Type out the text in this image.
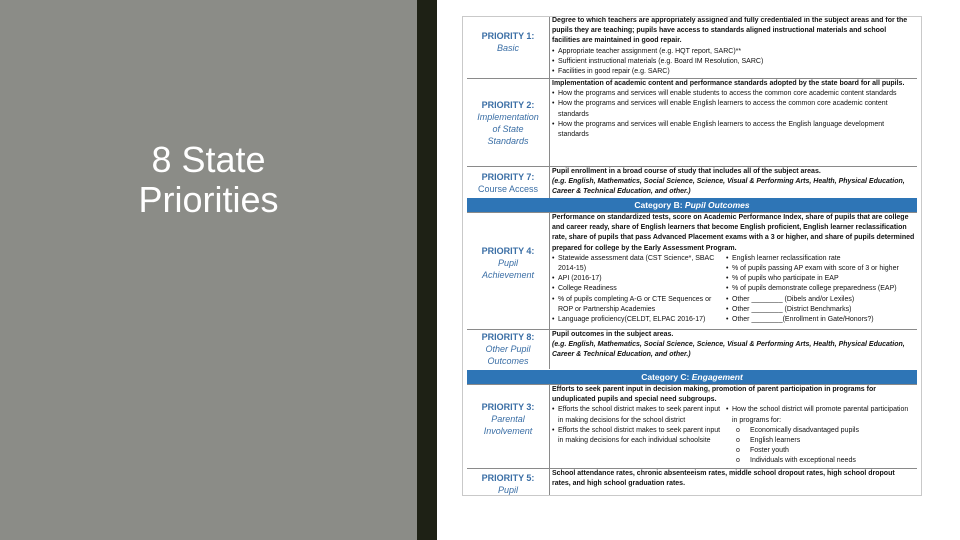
8 State
Priorities
PRIORITY 1:
Basic
Degree to which teachers are appropriately assigned and fully credentialed in the subject areas and for the pupils they are teaching; pupils have access to standards aligned instructional materials and school facilities are maintained in good repair.
• Appropriate teacher assignment (e.g. HQT report, SARC)**
• Sufficient instructional materials (e.g. Board IM Resolution, SARC)
• Facilities in good repair (e.g. SARC)
PRIORITY 2:
Implementation of State Standards
Implementation of academic content and performance standards adopted by the state board for all pupils.
• How the programs and services will enable students to access the common core academic content standards
• How the programs and services will enable English learners to access the common core academic content standards
• How the programs and services will enable English learners to access the English language development standards
PRIORITY 7:
Course Access
Pupil enrollment in a broad course of study that includes all of the subject areas.
(e.g. English, Mathematics, Social Science, Science, Visual & Performing Arts, Health, Physical Education, Career & Technical Education, and other.)
Category B: Pupil Outcomes
PRIORITY 4:
Pupil Achievement
Performance on standardized tests, score on Academic Performance Index, share of pupils that are college and career ready, share of English learners that become English proficient, English learner reclassification rate, share of pupils that pass Advanced Placement exams with a 3 or higher, and share of pupils determined prepared for college by the Early Assessment Program.
• Statewide assessment data (CST Science*, SBAC 2014-15)
• API (2016-17)
• College Readiness
• % of pupils completing A-G or CTE Sequences or ROP or Partnership Academies
• Language proficiency(CELDT, ELPAC 2016-17)
• English learner reclassification rate
• % of pupils passing AP exam with score of 3 or higher
• % of pupils who participate in EAP
• % of pupils demonstrate college preparedness (EAP)
• Other ________ (Dibels and/or Lexiles)
• Other ________ (District Benchmarks)
• Other ________(Enrollment in Gate/Honors?)
PRIORITY 8:
Other Pupil Outcomes
Pupil outcomes in the subject areas.
(e.g. English, Mathematics, Social Science, Science, Visual & Performing Arts, Health, Physical Education, Career & Technical Education, and other.)
Category C: Engagement
PRIORITY 3:
Parental Involvement
Efforts to seek parent input in decision making, promotion of parent participation in programs for unduplicated pupils and special need subgroups.
• Efforts the school district makes to seek parent input in making decisions for the school district
• Efforts the school district makes to seek parent input in making decisions for each individual schoolsite
• How the school district will promote parental participation in programs for:
o Economically disadvantaged pupils
o English learners
o Foster youth
o Individuals with exceptional needs
PRIORITY 5:
Pupil
School attendance rates, chronic absenteeism rates, middle school dropout rates, high school dropout rates, and high school graduation rates.
